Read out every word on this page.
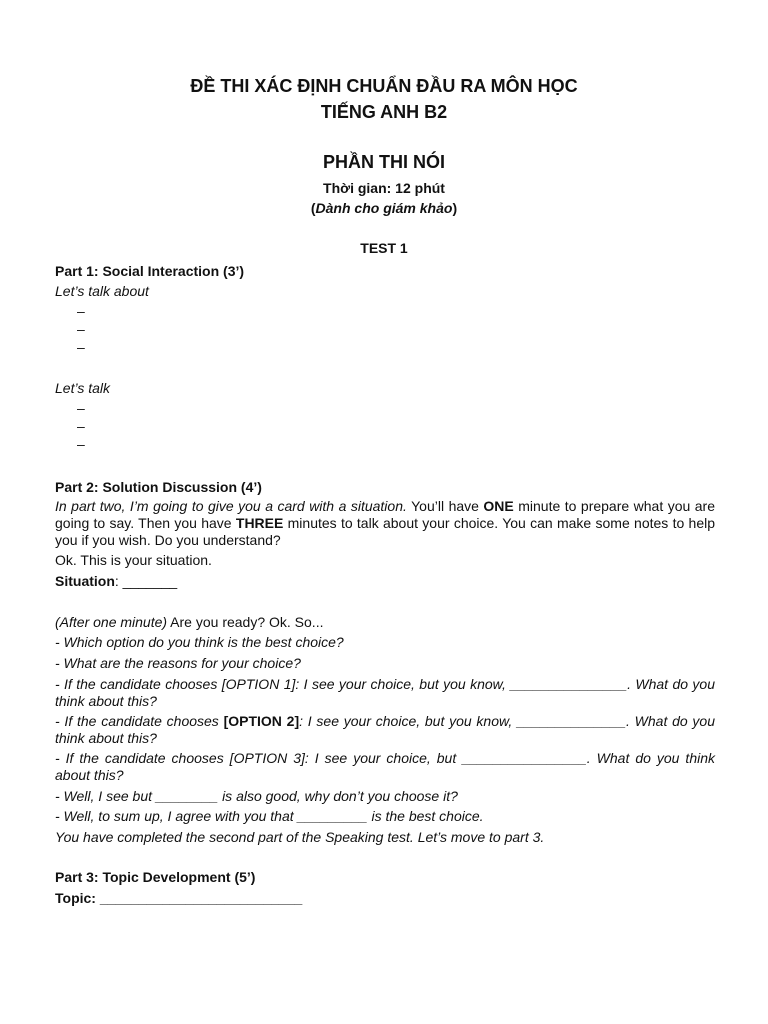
ĐỀ THI XÁC ĐỊNH CHUẨN ĐẦU RA MÔN HỌC
TIẾNG ANH B2
PHẦN THI NÓI

Thời gian: 12 phút

(Dành cho giám khảo)

TEST 1

Part 1: Social Interaction (3’)

Let’s talk about

–
–
–

Let’s talk

–
–
–

Part 2: Solution Discussion (4’)

In part two, I’m going to give you a card with a situation. You’ll have ONE minute to prepare what you are going to say. Then you have THREE minutes to talk about your choice. You can make some notes to help you if you wish. Do you understand?

Ok. This is your situation.

Situation: _______

(After one minute) Are you ready? Ok. So...

- Which option do you think is the best choice?

- What are the reasons for your choice?

- If the candidate chooses [OPTION 1]: I see your choice, but you know, _______________. What do you think about this?

- If the candidate chooses [OPTION 2]: I see your choice, but you know, ______________. What do you think about this?

- If the candidate chooses [OPTION 3]: I see your choice, but ________________. What do you think about this?

- Well, I see but ________ is also good, why don’t you choose it?

- Well, to sum up, I agree with you that _________ is the best choice.

You have completed the second part of the Speaking test. Let’s move to part 3.

Part 3: Topic Development (5’)

Topic: __________________________
